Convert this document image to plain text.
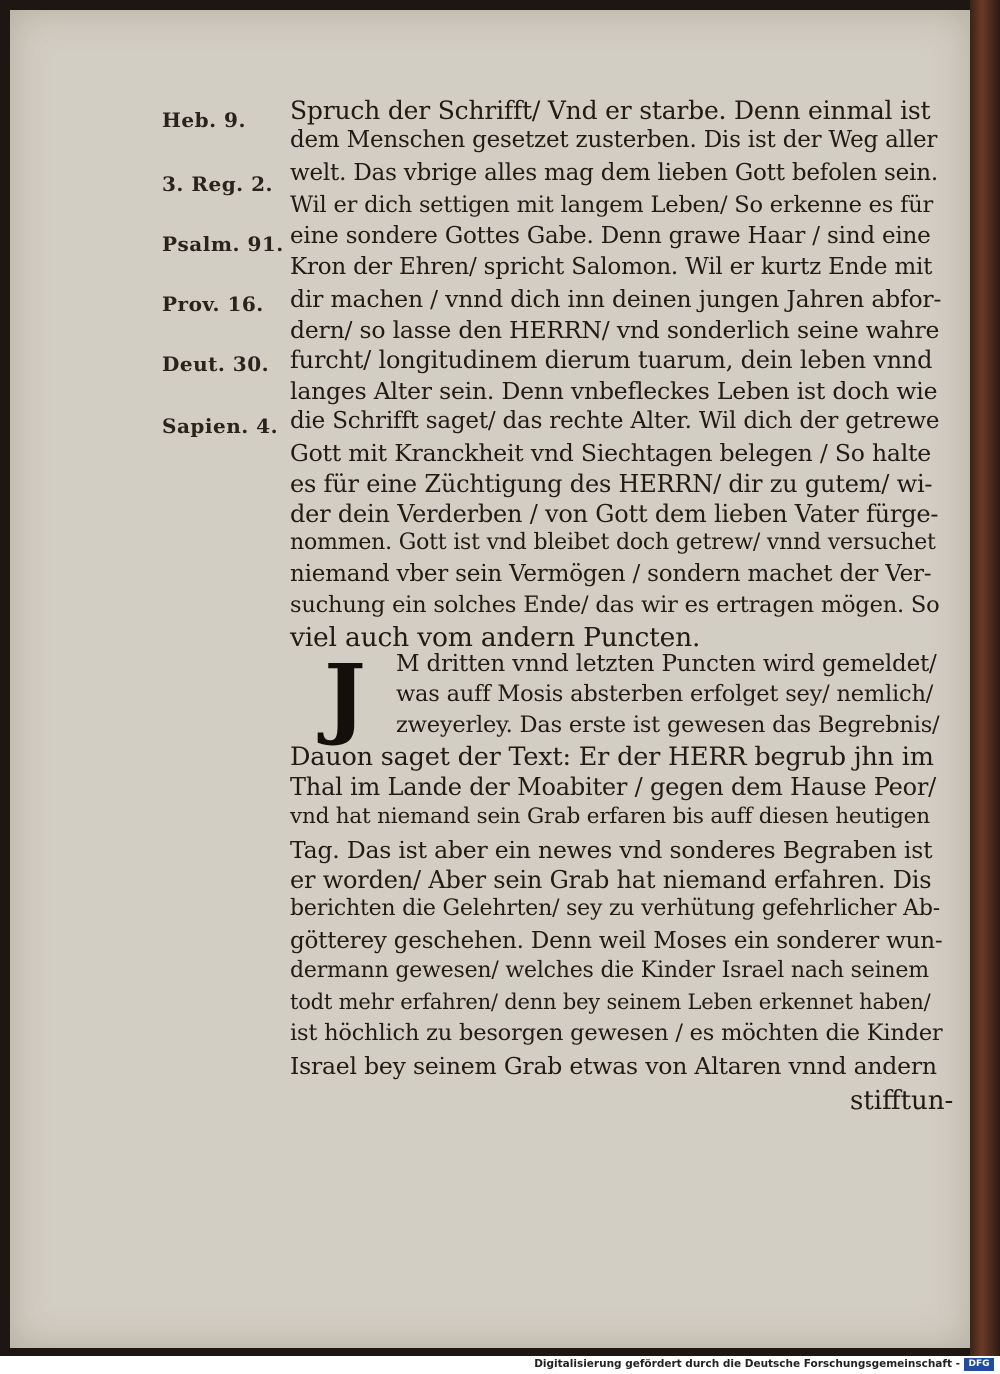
Heb. 9.
3. Reg. 2.
Psalm. 91.
Prov. 16.
Deut. 30.
Sapien. 4.
Spruch der Schrifft/ Vnd er starbe. Denn einmal ist
dem Menschen gesetzet zusterben. Dis ist der Weg aller
welt. Das vbrige alles mag dem lieben Gott befolen sein.
Wil er dich settigen mit langem Leben/ So erkenne es für
eine sondere Gottes Gabe. Denn grawe Haar / sind eine
Kron der Ehren/ spricht Salomon. Wil er kurtz Ende mit
dir machen / vnnd dich inn deinen jungen Jahren abfor-
dern/ so lasse den HERRN/ vnd sonderlich seine wahre
furcht/ longitudinem dierum tuarum, dein leben vnnd
langes Alter sein. Denn vnbefleckes Leben ist doch wie
die Schrifft saget/ das rechte Alter. Wil dich der getrewe
Gott mit Kranckheit vnd Siechtagen belegen / So halte
es für eine Züchtigung des HERRN/ dir zu gutem/ wi-
der dein Verderben / von Gott dem lieben Vater fürge-
nommen. Gott ist vnd bleibet doch getrew/ vnnd versuchet
niemand vber sein Vermögen / sondern machet der Ver-
suchung ein solches Ende/ das wir es ertragen mögen. So
viel auch vom andern Puncten.
J	M dritten vnnd letzten Puncten wird gemeldet/
was auff Mosis absterben erfolget sey/ nemlich/
zweyerley. Das erste ist gewesen das Begrebnis/
Dauon saget der Text: Er der HERR begrub jhn im
Thal im Lande der Moabiter / gegen dem Hause Peor/
vnd hat niemand sein Grab erfaren bis auff diesen heutigen
Tag. Das ist aber ein newes vnd sonderes Begraben ist
er worden/ Aber sein Grab hat niemand erfahren. Dis
berichten die Gelehrten/ sey zu verhütung gefehrlicher Ab-
götterey geschehen. Denn weil Moses ein sonderer wun-
dermann gewesen/ welches die Kinder Israel nach seinem
todt mehr erfahren/ denn bey seinem Leben erkennet haben/
ist höchlich zu besorgen gewesen / es möchten die Kinder
Israel bey seinem Grab etwas von Altaren vnnd andern
stifftun-
Digitalisierung gefördert durch die Deutsche Forschungsgemeinschaft - DFG
